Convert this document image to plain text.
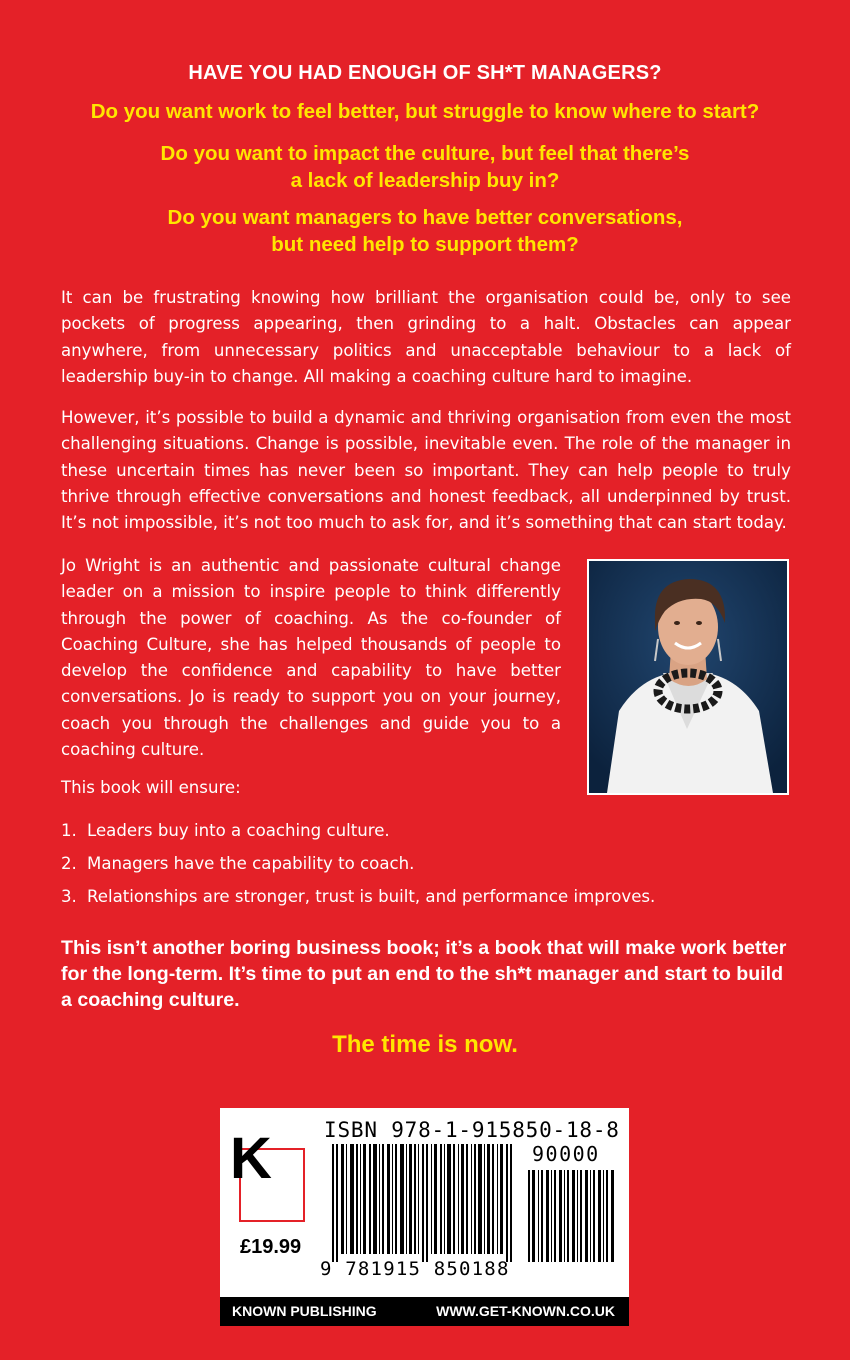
HAVE YOU HAD ENOUGH OF SH*T MANAGERS?
Do you want work to feel better, but struggle to know where to start?
Do you want to impact the culture, but feel that there’s
a lack of leadership buy in?
Do you want managers to have better conversations,
but need help to support them?
It can be frustrating knowing how brilliant the organisation could be, only to see pockets of progress appearing, then grinding to a halt. Obstacles can appear anywhere, from unnecessary politics and unacceptable behaviour to a lack of leadership buy-in to change. All making a coaching culture hard to imagine.
However, it’s possible to build a dynamic and thriving organisation from even the most challenging situations. Change is possible, inevitable even. The role of the manager in these uncertain times has never been so important. They can help people to truly thrive through effective conversations and honest feedback, all underpinned by trust. It’s not impossible, it’s not too much to ask for, and it’s something that can start today.
Jo Wright is an authentic and passionate cultural change leader on a mission to inspire people to think differently through the power of coaching. As the co-founder of Coaching Culture, she has helped thousands of people to develop the confidence and capability to have better conversations. Jo is ready to support you on your journey, coach you through the challenges and guide you to a coaching culture.
This book will ensure:
1. Leaders buy into a coaching culture.
2. Managers have the capability to coach.
3. Relationships are stronger, trust is built, and performance improves.
This isn’t another boring business book; it’s a book that will make work better for the long-term. It’s time to put an end to the sh*t manager and start to build a coaching culture.
The time is now.
K
£19.99
ISBN 978-1-915850-18-8
90000
9 781915 850188
KNOWN PUBLISHING	WWW.GET-KNOWN.CO.UK
